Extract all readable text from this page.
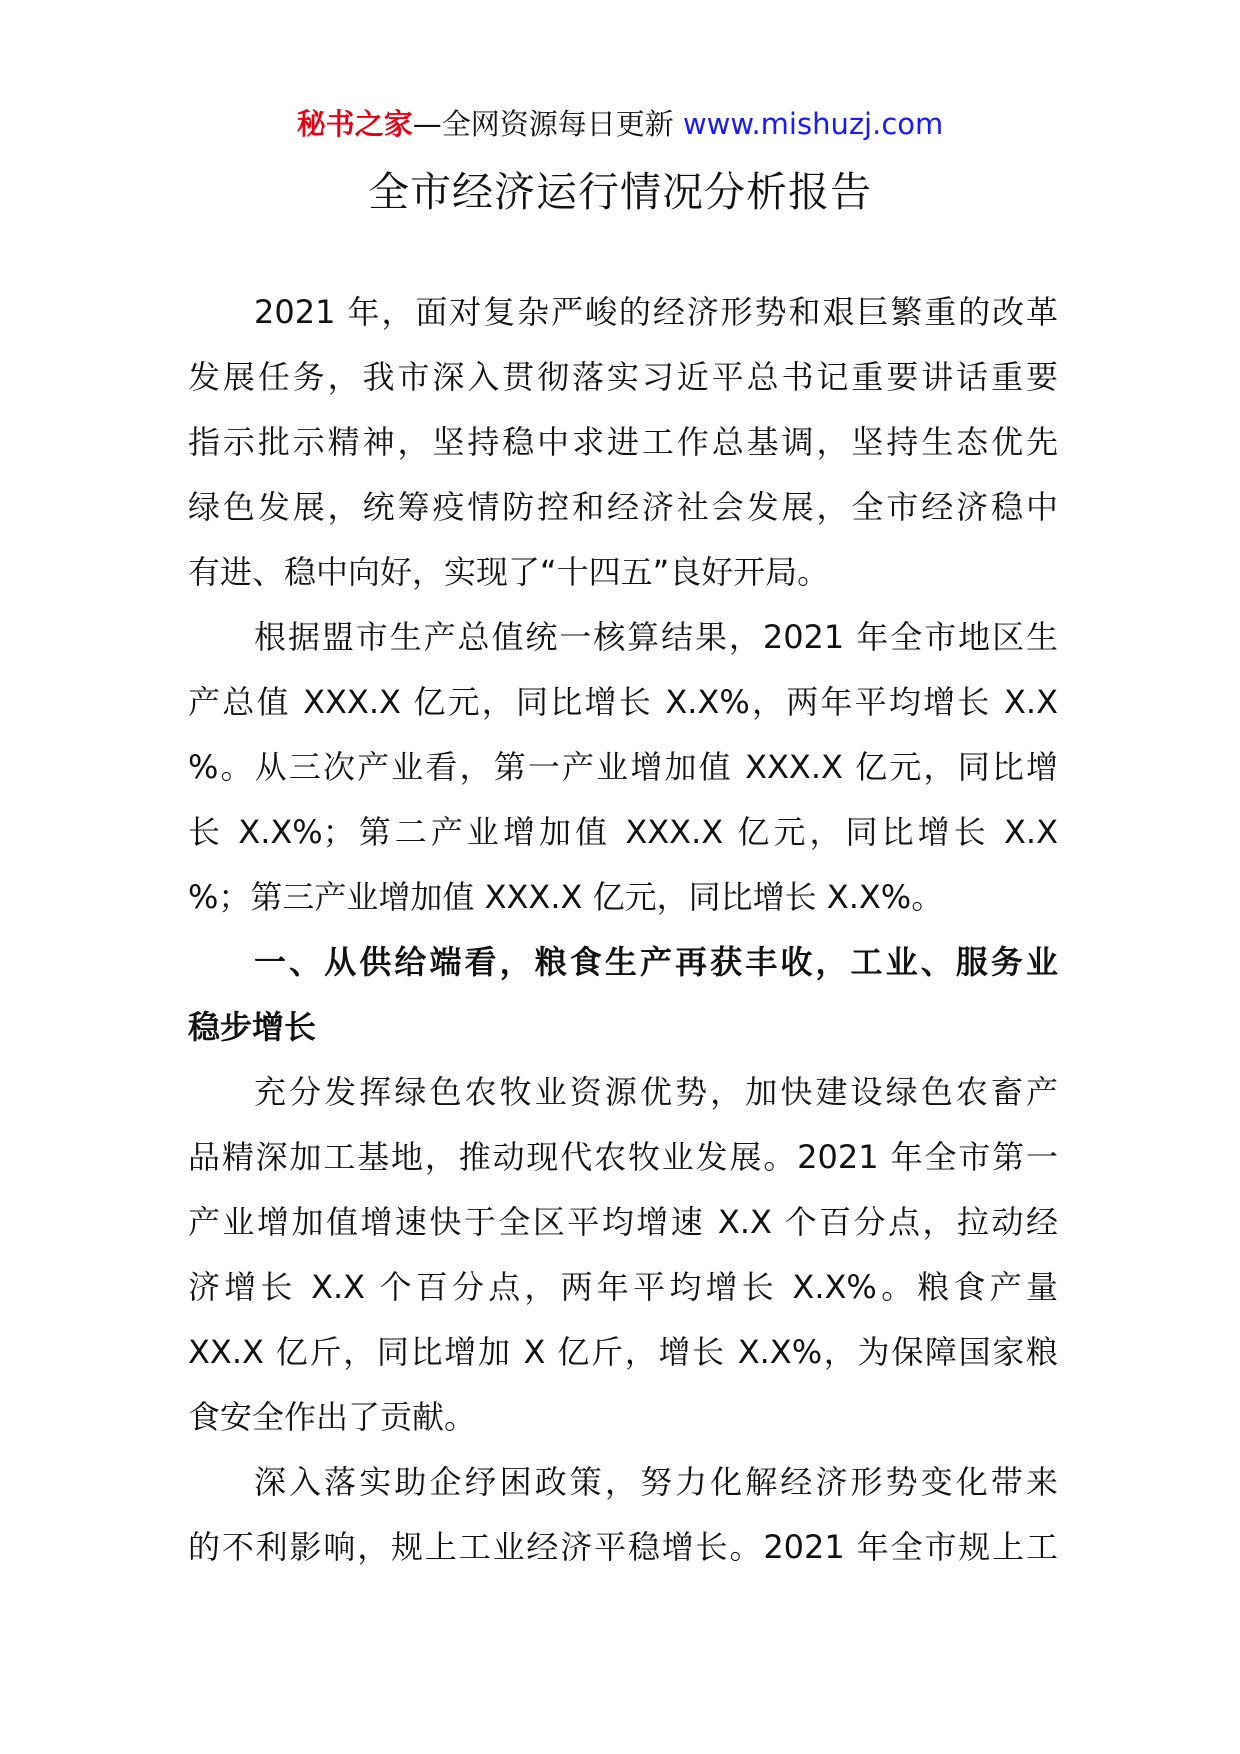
秘书之家—全网资源每日更新 www.mishuzj.com
全市经济运行情况分析报告
2021 年，面对复杂严峻的经济形势和艰巨繁重的改革
发展任务，我市深入贯彻落实习近平总书记重要讲话重要
指示批示精神，坚持稳中求进工作总基调，坚持生态优先
绿色发展，统筹疫情防控和经济社会发展，全市经济稳中
有进、稳中向好，实现了“十四五”良好开局。
根据盟市生产总值统一核算结果，2021 年全市地区生
产总值 XXX.X 亿元，同比增长 X.X%，两年平均增长 X.X
%。从三次产业看，第一产业增加值 XXX.X 亿元，同比增
长 X.X%；第二产业增加值 XXX.X 亿元，同比增长 X.X
%；第三产业增加值 XXX.X 亿元，同比增长 X.X%。
一、从供给端看，粮食生产再获丰收，工业、服务业
稳步增长
充分发挥绿色农牧业资源优势，加快建设绿色农畜产
品精深加工基地，推动现代农牧业发展。2021 年全市第一
产业增加值增速快于全区平均增速 X.X 个百分点，拉动经
济增长 X.X 个百分点，两年平均增长 X.X%。粮食产量
XX.X 亿斤，同比增加 X 亿斤，增长 X.X%，为保障国家粮
食安全作出了贡献。
深入落实助企纾困政策，努力化解经济形势变化带来
的不利影响，规上工业经济平稳增长。2021 年全市规上工
